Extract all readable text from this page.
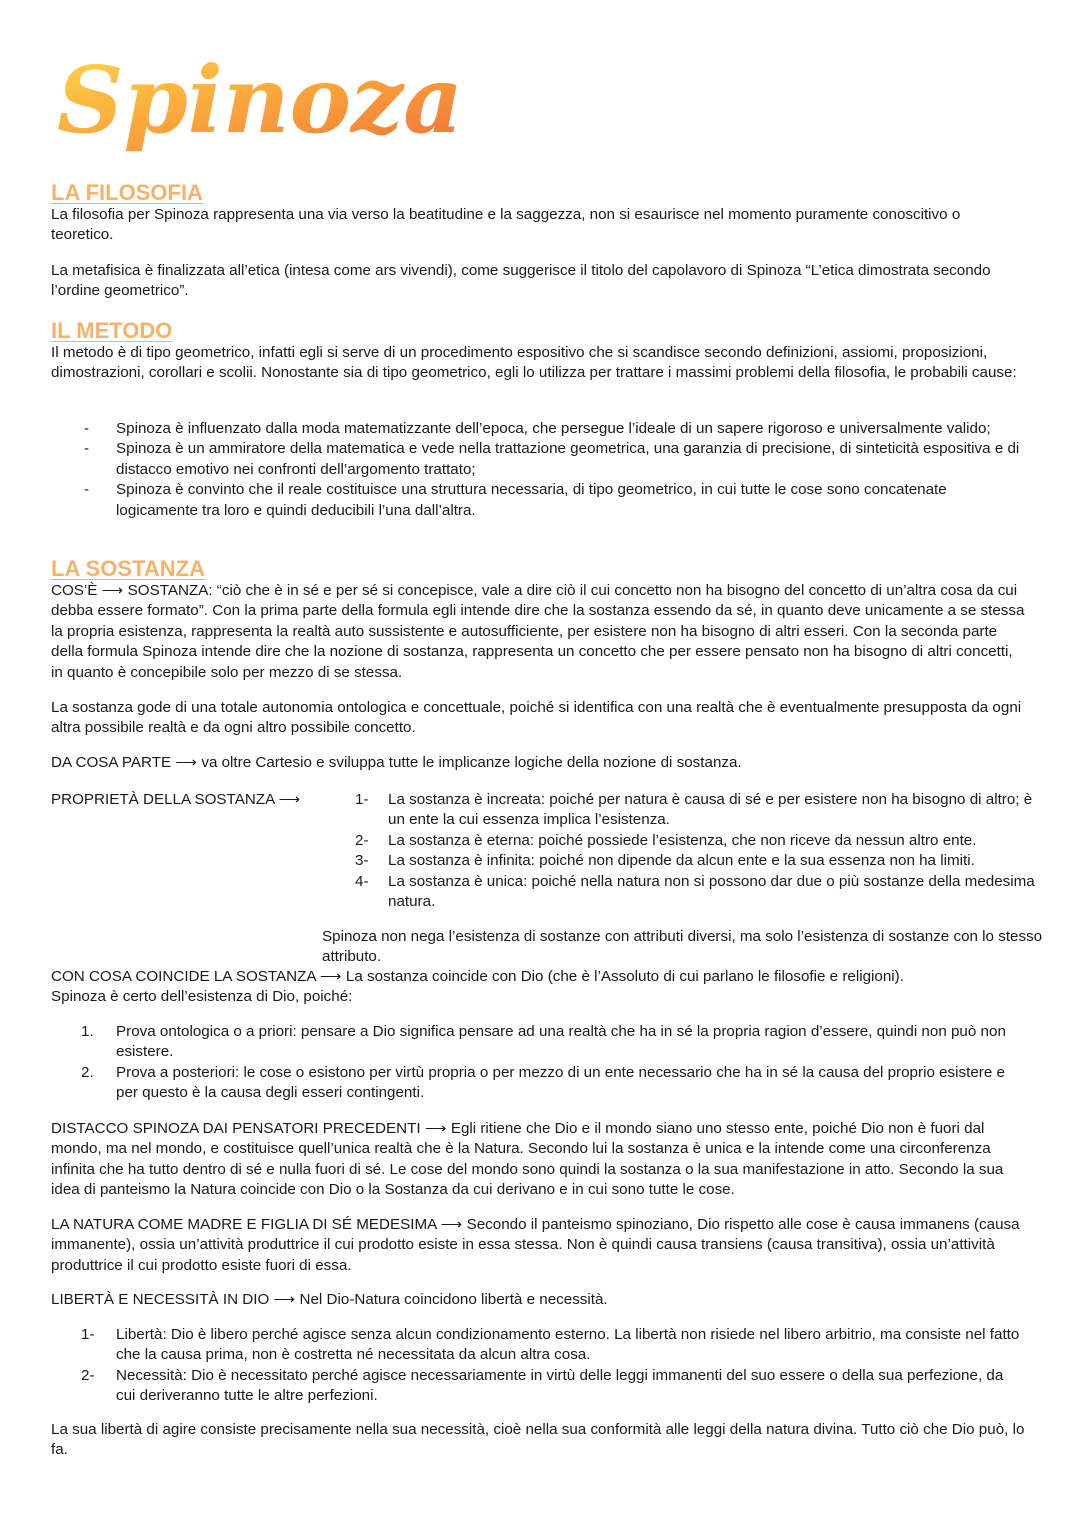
Spinoza
LA FILOSOFIA

La filosofia per Spinoza rappresenta una via verso la beatitudine e la saggezza, non si esaurisce nel momento puramente conoscitivo o teoretico.

La metafisica è finalizzata all’etica (intesa come ars vivendi), come suggerisce il titolo del capolavoro di Spinoza “L’etica dimostrata secondo l’ordine geometrico”.

IL METODO

Il metodo è di tipo geometrico, infatti egli si serve di un procedimento espositivo che si scandisce secondo definizioni, assiomi, proposizioni, dimostrazioni, corollari e scolii. Nonostante sia di tipo geometrico, egli lo utilizza per trattare i massimi problemi della filosofia, le probabili cause:

- Spinoza è influenzato dalla moda matematizzante dell’epoca, che persegue l’ideale di un sapere rigoroso e universalmente valido;
- Spinoza è un ammiratore della matematica e vede nella trattazione geometrica, una garanzia di precisione, di sinteticità espositiva e di distacco emotivo nei confronti dell’argomento trattato;
- Spinoza è convinto che il reale costituisce una struttura necessaria, di tipo geometrico, in cui tutte le cose sono concatenate logicamente tra loro e quindi deducibili l’una dall’altra.
LA SOSTANZA

COS’È ⟶ SOSTANZA: “ciò che è in sé e per sé si concepisce, vale a dire ciò il cui concetto non ha bisogno del concetto di un’altra cosa da cui debba essere formato”. Con la prima parte della formula egli intende dire che la sostanza essendo da sé, in quanto deve unicamente a se stessa la propria esistenza, rappresenta la realtà auto sussistente e autosufficiente, per esistere non ha bisogno di altri esseri. Con la seconda parte della formula Spinoza intende dire che la nozione di sostanza, rappresenta un concetto che per essere pensato non ha bisogno di altri concetti, in quanto è concepibile solo per mezzo di se stessa.

La sostanza gode di una totale autonomia ontologica e concettuale, poiché si identifica con una realtà che è eventualmente presupposta da ogni altra possibile realtà e da ogni altro possibile concetto.

DA COSA PARTE ⟶ va oltre Cartesio e sviluppa tutte le implicanze logiche della nozione di sostanza.

PROPRIETÀ DELLA SOSTANZA ⟶	1- La sostanza è increata: poiché per natura è causa di sé e per esistere non ha bisogno di altro; è un ente la cui essenza implica l’esistenza.
2- La sostanza è eterna: poiché possiede l’esistenza, che non riceve da nessun altro ente.
3- La sostanza è infinita: poiché non dipende da alcun ente e la sua essenza non ha limiti.
4- La sostanza è unica: poiché nella natura non si possono dar due o più sostanze della medesima natura.

Spinoza non nega l’esistenza di sostanze con attributi diversi, ma solo l’esistenza di sostanze con lo stesso attributo.

CON COSA COINCIDE LA SOSTANZA ⟶ La sostanza coincide con Dio (che è l’Assoluto di cui parlano le filosofie e religioni).

Spinoza è certo dell’esistenza di Dio, poiché:

1. Prova ontologica o a priori: pensare a Dio significa pensare ad una realtà che ha in sé la propria ragion d’essere, quindi non può non esistere.
2. Prova a posteriori: le cose o esistono per virtù propria o per mezzo di un ente necessario che ha in sé la causa del proprio esistere e per questo è la causa degli esseri contingenti.

DISTACCO SPINOZA DAI PENSATORI PRECEDENTI ⟶ Egli ritiene che Dio e il mondo siano uno stesso ente, poiché Dio non è fuori dal mondo, ma nel mondo, e costituisce quell’unica realtà che è la Natura. Secondo lui la sostanza è unica e la intende come una circonferenza infinita che ha tutto dentro di sé e nulla fuori di sé. Le cose del mondo sono quindi la sostanza o la sua manifestazione in atto. Secondo la sua idea di panteismo la Natura coincide con Dio o la Sostanza da cui derivano e in cui sono tutte le cose.

LA NATURA COME MADRE E FIGLIA DI SÉ MEDESIMA ⟶ Secondo il panteismo spinoziano, Dio rispetto alle cose è causa immanens (causa immanente), ossia un’attività produttrice il cui prodotto esiste in essa stessa. Non è quindi causa transiens (causa transitiva), ossia un’attività produttrice il cui prodotto esiste fuori di essa.

LIBERTÀ E NECESSITÀ IN DIO ⟶ Nel Dio-Natura coincidono libertà e necessità.

1- Libertà: Dio è libero perché agisce senza alcun condizionamento esterno. La libertà non risiede nel libero arbitrio, ma consiste nel fatto che la causa prima, non è costretta né necessitata da alcun altra cosa.
2- Necessità: Dio è necessitato perché agisce necessariamente in virtù delle leggi immanenti del suo essere o della sua perfezione, da cui deriveranno tutte le altre perfezioni.

La sua libertà di agire consiste precisamente nella sua necessità, cioè nella sua conformità alle leggi della natura divina. Tutto ciò che Dio può, lo fa.
